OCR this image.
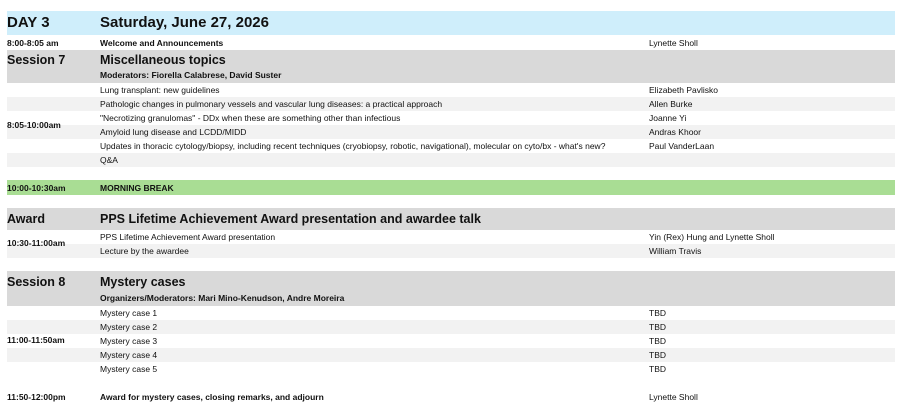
DAY 3	Saturday, June 27, 2026
8:00-8:05 am	Welcome and Announcements	Lynette Sholl
Session 7	Miscellaneous topics
Moderators: Fiorella Calabrese, David Suster
8:05-10:00am
Lung transplant: new guidelines	Elizabeth Pavlisko
Pathologic changes in pulmonary vessels and vascular lung diseases: a practical approach	Allen Burke
"Necrotizing granulomas" - DDx when these are something other than infectious	Joanne Yi
Amyloid lung disease and LCDD/MIDD	Andras Khoor
Updates in thoracic cytology/biopsy, including recent techniques (cryobiopsy, robotic, navigational), molecular on cyto/bx - what's new?	Paul VanderLaan
Q&A
10:00-10:30am	MORNING BREAK
Award	PPS Lifetime Achievement Award presentation and awardee talk
10:30-11:00am
PPS Lifetime Achievement Award presentation	Yin (Rex) Hung and Lynette Sholl
Lecture by the awardee	William Travis
Session 8	Mystery cases
Organizers/Moderators: Mari Mino-Kenudson, Andre Moreira
11:00-11:50am
Mystery case 1	TBD
Mystery case 2	TBD
Mystery case 3	TBD
Mystery case 4	TBD
Mystery case 5	TBD
11:50-12:00pm	Award for mystery cases, closing remarks, and adjourn	Lynette Sholl
